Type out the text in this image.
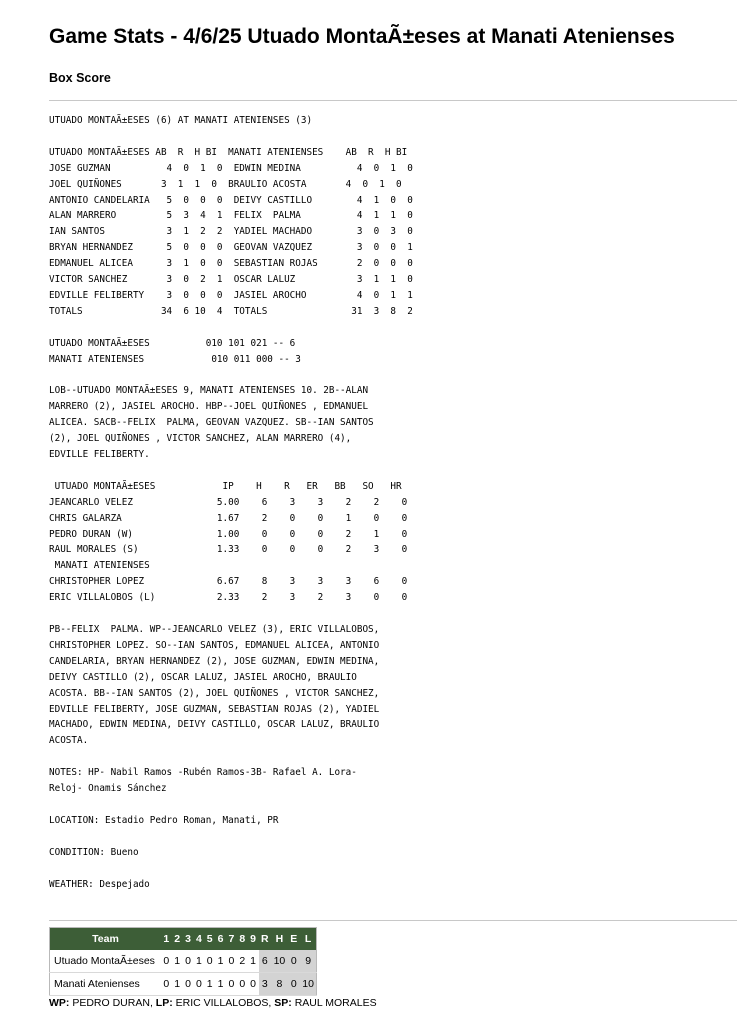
Game Stats - 4/6/25 Utuado MontaÃ±eses at Manati Atenienses
Box Score
UTUADO MONTAÃ±ESES (6) AT MANATI ATENIENSES (3)

UTUADO MONTAÃ±ESES AB  R  H BI  MANATI ATENIENSES    AB  R  H BI
JOSE GUZMAN          4  0  1  0  EDWIN MEDINA          4  0  1  0
JOEL QUIÑONES       3  1  1  0  BRAULIO ACOSTA       4  0  1  0
ANTONIO CANDELARIA   5  0  0  0  DEIVY CASTILLO        4  1  0  0
ALAN MARRERO         5  3  4  1  FELIX  PALMA          4  1  1  0
IAN SANTOS           3  1  2  2  YADIEL MACHADO        3  0  3  0
BRYAN HERNANDEZ      5  0  0  0  GEOVAN VAZQUEZ        3  0  0  1
EDMANUEL ALICEA      3  1  0  0  SEBASTIAN ROJAS       2  0  0  0
VICTOR SANCHEZ       3  0  2  1  OSCAR LALUZ           3  1  1  0
EDVILLE FELIBERTY    3  0  0  0  JASIEL AROCHO         4  0  1  1
TOTALS              34  6 10  4  TOTALS               31  3  8  2

UTUADO MONTAÃ±ESES          010 101 021 -- 6
MANATI ATENIENSES            010 011 000 -- 3

LOB--UTUADO MONTAÃ±ESES 9, MANATI ATENIENSES 10. 2B--ALAN
MARRERO (2), JASIEL AROCHO. HBP--JOEL QUIÑONES , EDMANUEL
ALICEA. SACB--FELIX  PALMA, GEOVAN VAZQUEZ. SB--IAN SANTOS
(2), JOEL QUIÑONES , VICTOR SANCHEZ, ALAN MARRERO (4),
EDVILLE FELIBERTY.

UTUADO MONTAÃ±ESES            IP    H    R   ER   BB   SO   HR
JEANCARLO VELEZ               5.00    6    3    3    2    2    0
CHRIS GALARZA                 1.67    2    0    0    1    0    0
PEDRO DURAN (W)               1.00    0    0    0    2    1    0
RAUL MORALES (S)              1.33    0    0    0    2    3    0
MANATI ATENIENSES
CHRISTOPHER LOPEZ             6.67    8    3    3    3    6    0
ERIC VILLALOBOS (L)           2.33    2    3    2    3    0    0

PB--FELIX  PALMA. WP--JEANCARLO VELEZ (3), ERIC VILLALOBOS,
CHRISTOPHER LOPEZ. SO--IAN SANTOS, EDMANUEL ALICEA, ANTONIO
CANDELARIA, BRYAN HERNANDEZ (2), JOSE GUZMAN, EDWIN MEDINA,
DEIVY CASTILLO (2), OSCAR LALUZ, JASIEL AROCHO, BRAULIO
ACOSTA. BB--IAN SANTOS (2), JOEL QUIÑONES , VICTOR SANCHEZ,
EDVILLE FELIBERTY, JOSE GUZMAN, SEBASTIAN ROJAS (2), YADIEL
MACHADO, EDWIN MEDINA, DEIVY CASTILLO, OSCAR LALUZ, BRAULIO
ACOSTA.

NOTES: HP- Nabil Ramos -Rubén Ramos-3B- Rafael A. Lora-
Reloj- Onamis Sánchez

LOCATION: Estadio Pedro Roman, Manati, PR

CONDITION: Bueno

WEATHER: Despejado
Team	1	2	3	4	5	6	7	8	9	R	H	E	L
Utuado MontaÃ±eses	0	1	0	1	0	1	0	2	1	6	10	0	9
Manati Atenienses	0	1	0	0	1	1	0	0	0	3	8	0	10

WP: PEDRO DURAN, LP: ERIC VILLALOBOS, SP: RAUL MORALES
